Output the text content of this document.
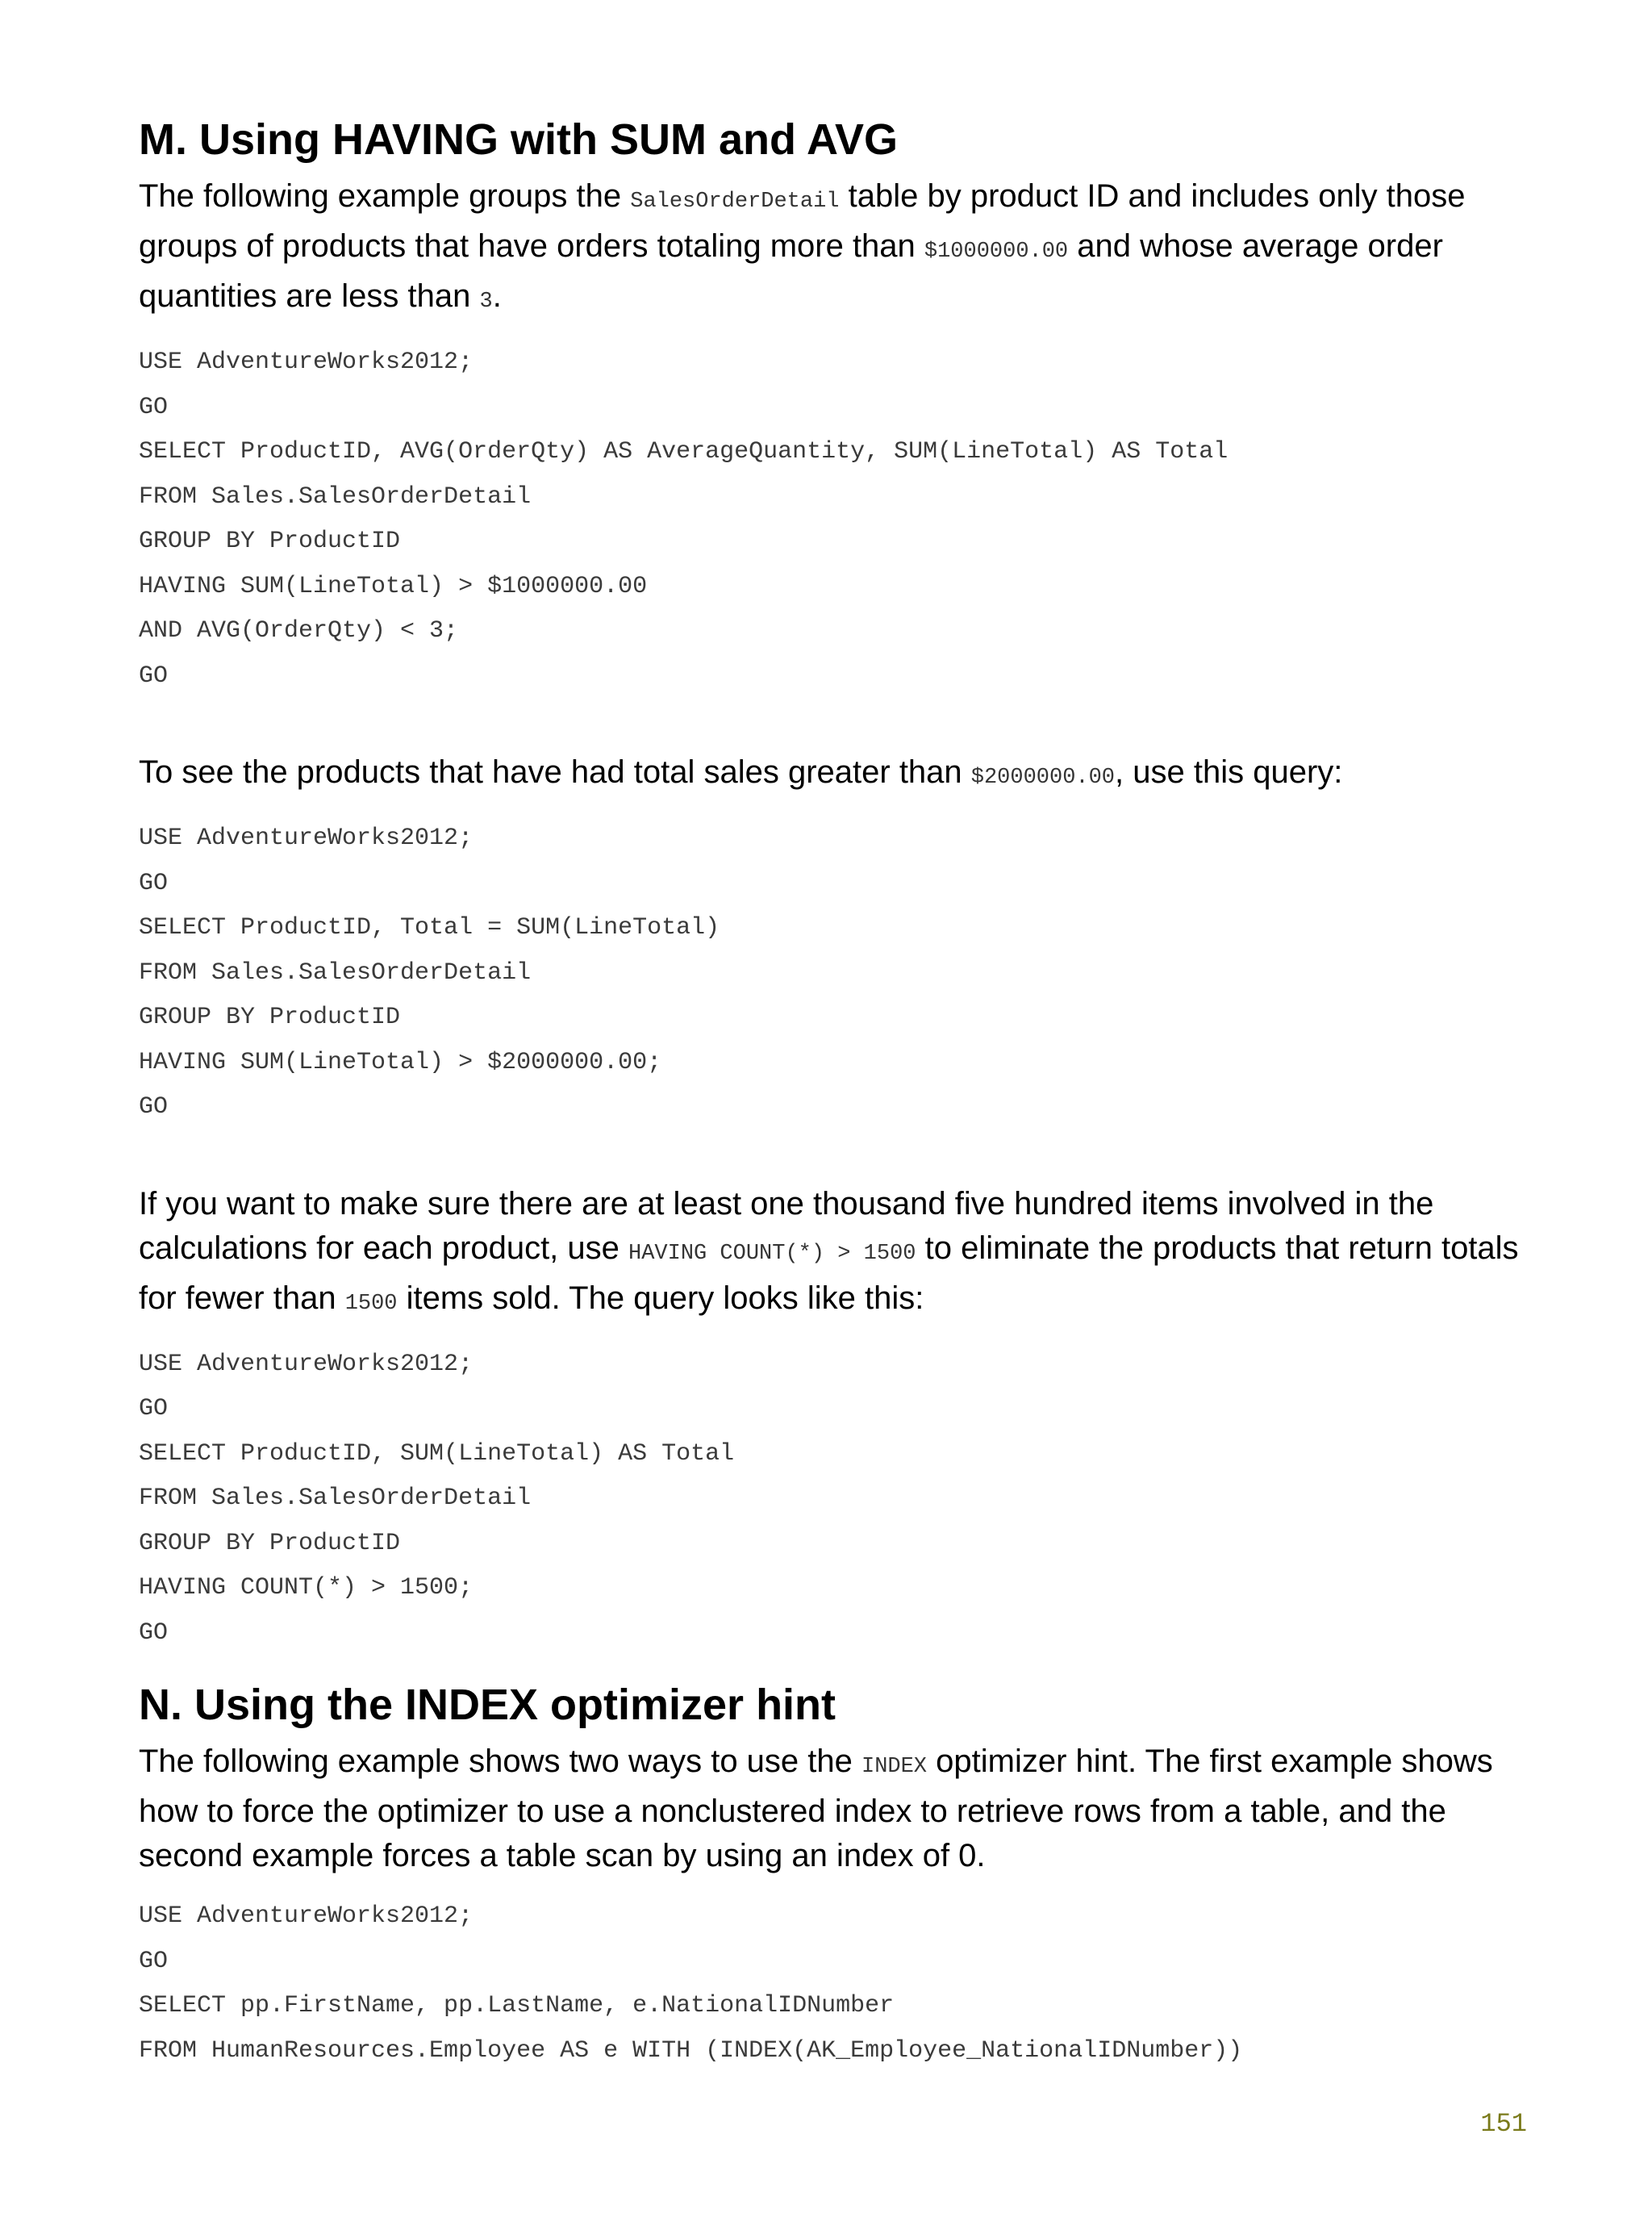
M. Using HAVING with SUM and AVG

The following example groups the SalesOrderDetail table by product ID and includes only those groups of products that have orders totaling more than $1000000.00 and whose average order quantities are less than 3.

USE AdventureWorks2012;
GO
SELECT ProductID, AVG(OrderQty) AS AverageQuantity, SUM(LineTotal) AS Total
FROM Sales.SalesOrderDetail
GROUP BY ProductID
HAVING SUM(LineTotal) > $1000000.00
AND AVG(OrderQty) < 3;
GO

To see the products that have had total sales greater than $2000000.00, use this query:

USE AdventureWorks2012;
GO
SELECT ProductID, Total = SUM(LineTotal)
FROM Sales.SalesOrderDetail
GROUP BY ProductID
HAVING SUM(LineTotal) > $2000000.00;
GO

If you want to make sure there are at least one thousand five hundred items involved in the calculations for each product, use HAVING COUNT(*) > 1500 to eliminate the products that return totals for fewer than 1500 items sold. The query looks like this:

USE AdventureWorks2012;
GO
SELECT ProductID, SUM(LineTotal) AS Total
FROM Sales.SalesOrderDetail
GROUP BY ProductID
HAVING COUNT(*) > 1500;
GO
N. Using the INDEX optimizer hint

The following example shows two ways to use the INDEX optimizer hint. The first example shows how to force the optimizer to use a nonclustered index to retrieve rows from a table, and the second example forces a table scan by using an index of 0.

USE AdventureWorks2012;
GO
SELECT pp.FirstName, pp.LastName, e.NationalIDNumber
FROM HumanResources.Employee AS e WITH (INDEX(AK_Employee_NationalIDNumber))
151
